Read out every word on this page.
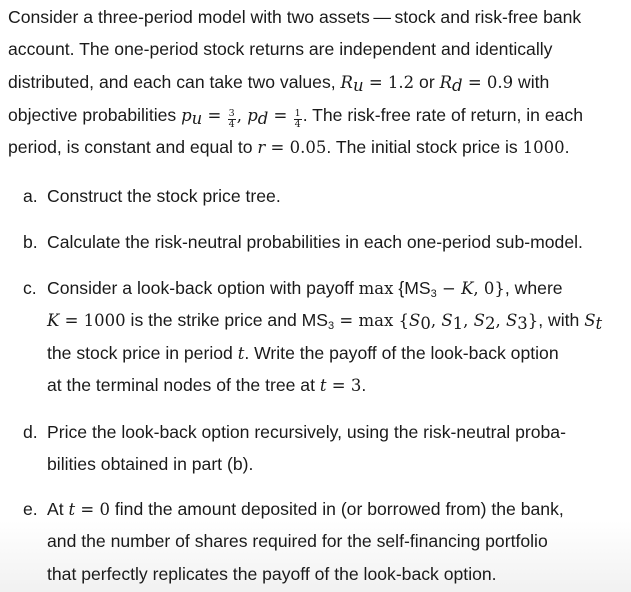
Consider a three-period model with two assets — stock and risk-free bank
account. The one-period stock returns are independent and identically
distributed, and each can take two values, $R_u = 1.2$ or $R_d = 0.9$ with
objective probabilities $p_u = \frac{3}{4}$ , $p_d = \frac{1}{4}$ . The risk-free rate of return, in each
period, is constant and equal to r = 0.05. The initial stock price is 1000.
a. Construct the stock price tree.
b. Calculate the risk-neutral probabilities in each one-period sub-model.
c. Consider a look-back option with payoff $\max \{MS_3 - K$, 0}, where
K = 1000 is the strike price and $MS_3 = \max \{S_0$, $S_1$, $S_2$, $S_3$}, with $S_t$
the stock price in period t. Write the payoff of the look-back option
at the terminal nodes of the tree at t = 3.
d. Price the look-back option recursively, using the risk-neutral proba-
bilities obtained in part (b).
e. At t = 0 find the amount deposited in (or borrowed from) the bank,
and the number of shares required for the self-financing portfolio
that perfectly replicates the payoff of the look-back option.
